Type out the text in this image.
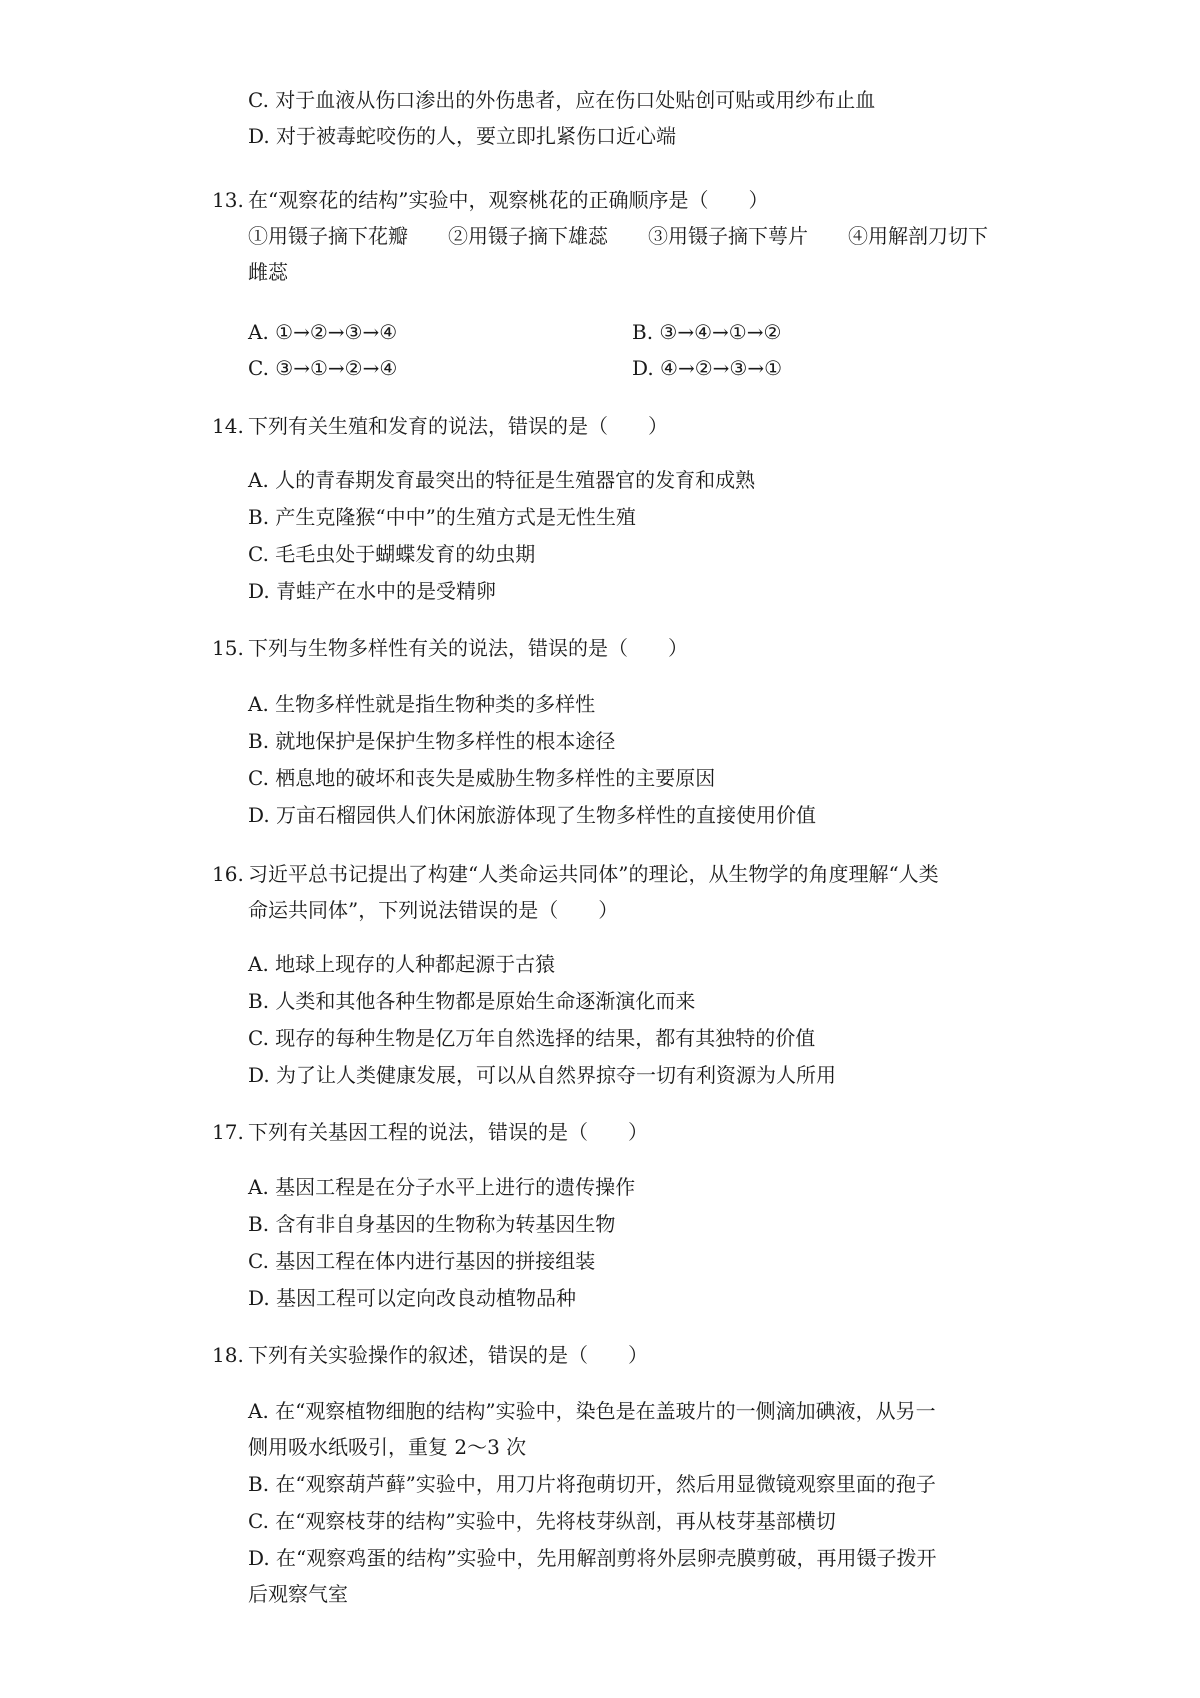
C. 对于血液从伤口渗出的外伤患者，应在伤口处贴创可贴或用纱布止血
D. 对于被毒蛇咬伤的人，要立即扎紧伤口近心端
13. 在“观察花的结构”实验中，观察桃花的正确顺序是（　　）
①用镊子摘下花瓣　　②用镊子摘下雄蕊　　③用镊子摘下萼片　　④用解剖刀切下
雌蕊
A. ①→②→③→④	B. ③→④→①→②
C. ③→①→②→④	D. ④→②→③→①
14. 下列有关生殖和发育的说法，错误的是（　　）
A. 人的青春期发育最突出的特征是生殖器官的发育和成熟
B. 产生克隆猴“中中”的生殖方式是无性生殖
C. 毛毛虫处于蝴蝶发育的幼虫期
D. 青蛙产在水中的是受精卵
15. 下列与生物多样性有关的说法，错误的是（　　）
A. 生物多样性就是指生物种类的多样性
B. 就地保护是保护生物多样性的根本途径
C. 栖息地的破坏和丧失是威胁生物多样性的主要原因
D. 万亩石榴园供人们休闲旅游体现了生物多样性的直接使用价值
16. 习近平总书记提出了构建“人类命运共同体”的理论，从生物学的角度理解“人类
命运共同体”，下列说法错误的是（　　）
A. 地球上现存的人种都起源于古猿
B. 人类和其他各种生物都是原始生命逐渐演化而来
C. 现存的每种生物是亿万年自然选择的结果，都有其独特的价值
D. 为了让人类健康发展，可以从自然界掠夺一切有利资源为人所用
17. 下列有关基因工程的说法，错误的是（　　）
A. 基因工程是在分子水平上进行的遗传操作
B. 含有非自身基因的生物称为转基因生物
C. 基因工程在体内进行基因的拼接组装
D. 基因工程可以定向改良动植物品种
18. 下列有关实验操作的叙述，错误的是（　　）
A. 在“观察植物细胞的结构”实验中，染色是在盖玻片的一侧滴加碘液，从另一
侧用吸水纸吸引，重复 2～3 次
B. 在“观察葫芦藓”实验中，用刀片将孢萌切开，然后用显微镜观察里面的孢子
C. 在“观察枝芽的结构”实验中，先将枝芽纵剖，再从枝芽基部横切
D. 在“观察鸡蛋的结构”实验中，先用解剖剪将外层卵壳膜剪破，再用镊子拨开
后观察气室
